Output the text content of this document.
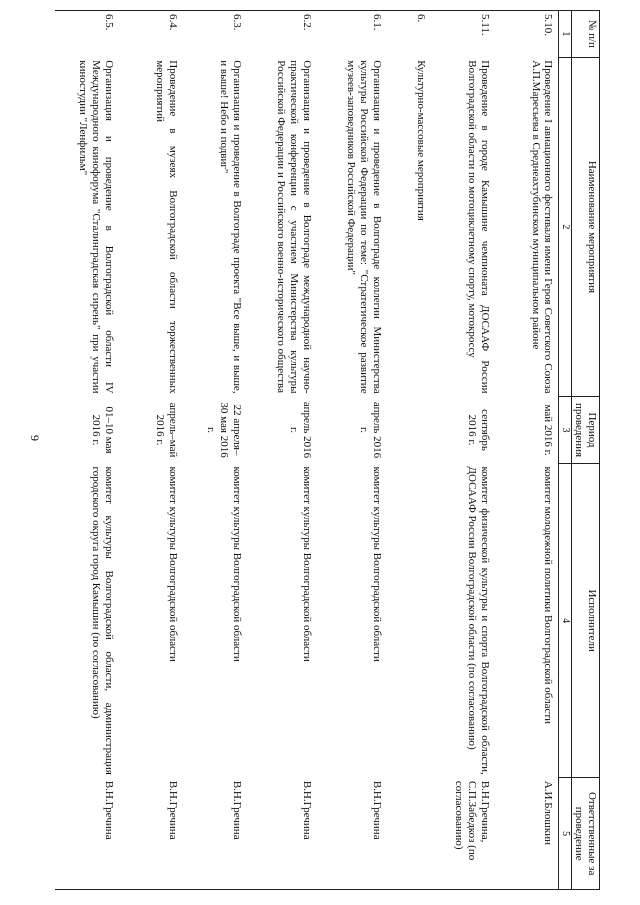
9
№ п/п	Наименование мероприятия	Период проведения	Исполнители	Ответственные за проведение
1	2	3	4	5
5.10.	Проведение I авиационного фестиваля имени Героя Советского Союза А.П.Маресьева в Среднеахтубинском муниципальном районе	май 2016 г.	комитет молодежной политики Волгоградской области	А.И.Блошкин
5.11.	Проведение в городе Камышине чемпионата ДОСААФ России Волгоградской области по мотоциклетному спорту, мотокроссу	сентябрь 2016 г.	комитет физической культуры и спорта Волгоградской области, ДОСААФ России Волгоградской области (по согласованию)	В.Н.Гречина, С.П.Забедкоз (по согласованию)
6.	Культурно-массовые мероприятия			
6.1.	Организация и проведение в Волгограде коллегии Министерства культуры Российской Федерации по теме: "Стратегическое развитие музеев-заповедников Российской Федерации"	апрель 2016 г.	комитет культуры Волгоградской области	В.Н.Гречина
6.2.	Организация и проведение в Волгограде международной научно-практической конференции с участием Министерства культуры Российской Федерации и Российского военно-исторического общества	апрель 2016 г.	комитет культуры Волгоградской области	В.Н.Гречина
6.3.	Организация и проведение в Волгограде проекта "Все выше, и выше, и выше! Небо и подвиг"	22 апреля– 30 мая 2016 г.	комитет культуры Волгоградской области	В.Н.Гречина
6.4.	Проведение в музеях Волгоградской области торжественных мероприятий	апрель–май 2016 г.	комитет культуры Волгоградской области	В.Н.Гречина
6.5.	Организация и проведение в Волгоградской области IV Международного кинофорума "Сталинградская сирень" при участии киностудии "Ленфильм"	01–10 мая 2016 г.	комитет культуры Волгоградской области, администрация городского округа город Камышин (по согласованию)	В.Н.Гречина
